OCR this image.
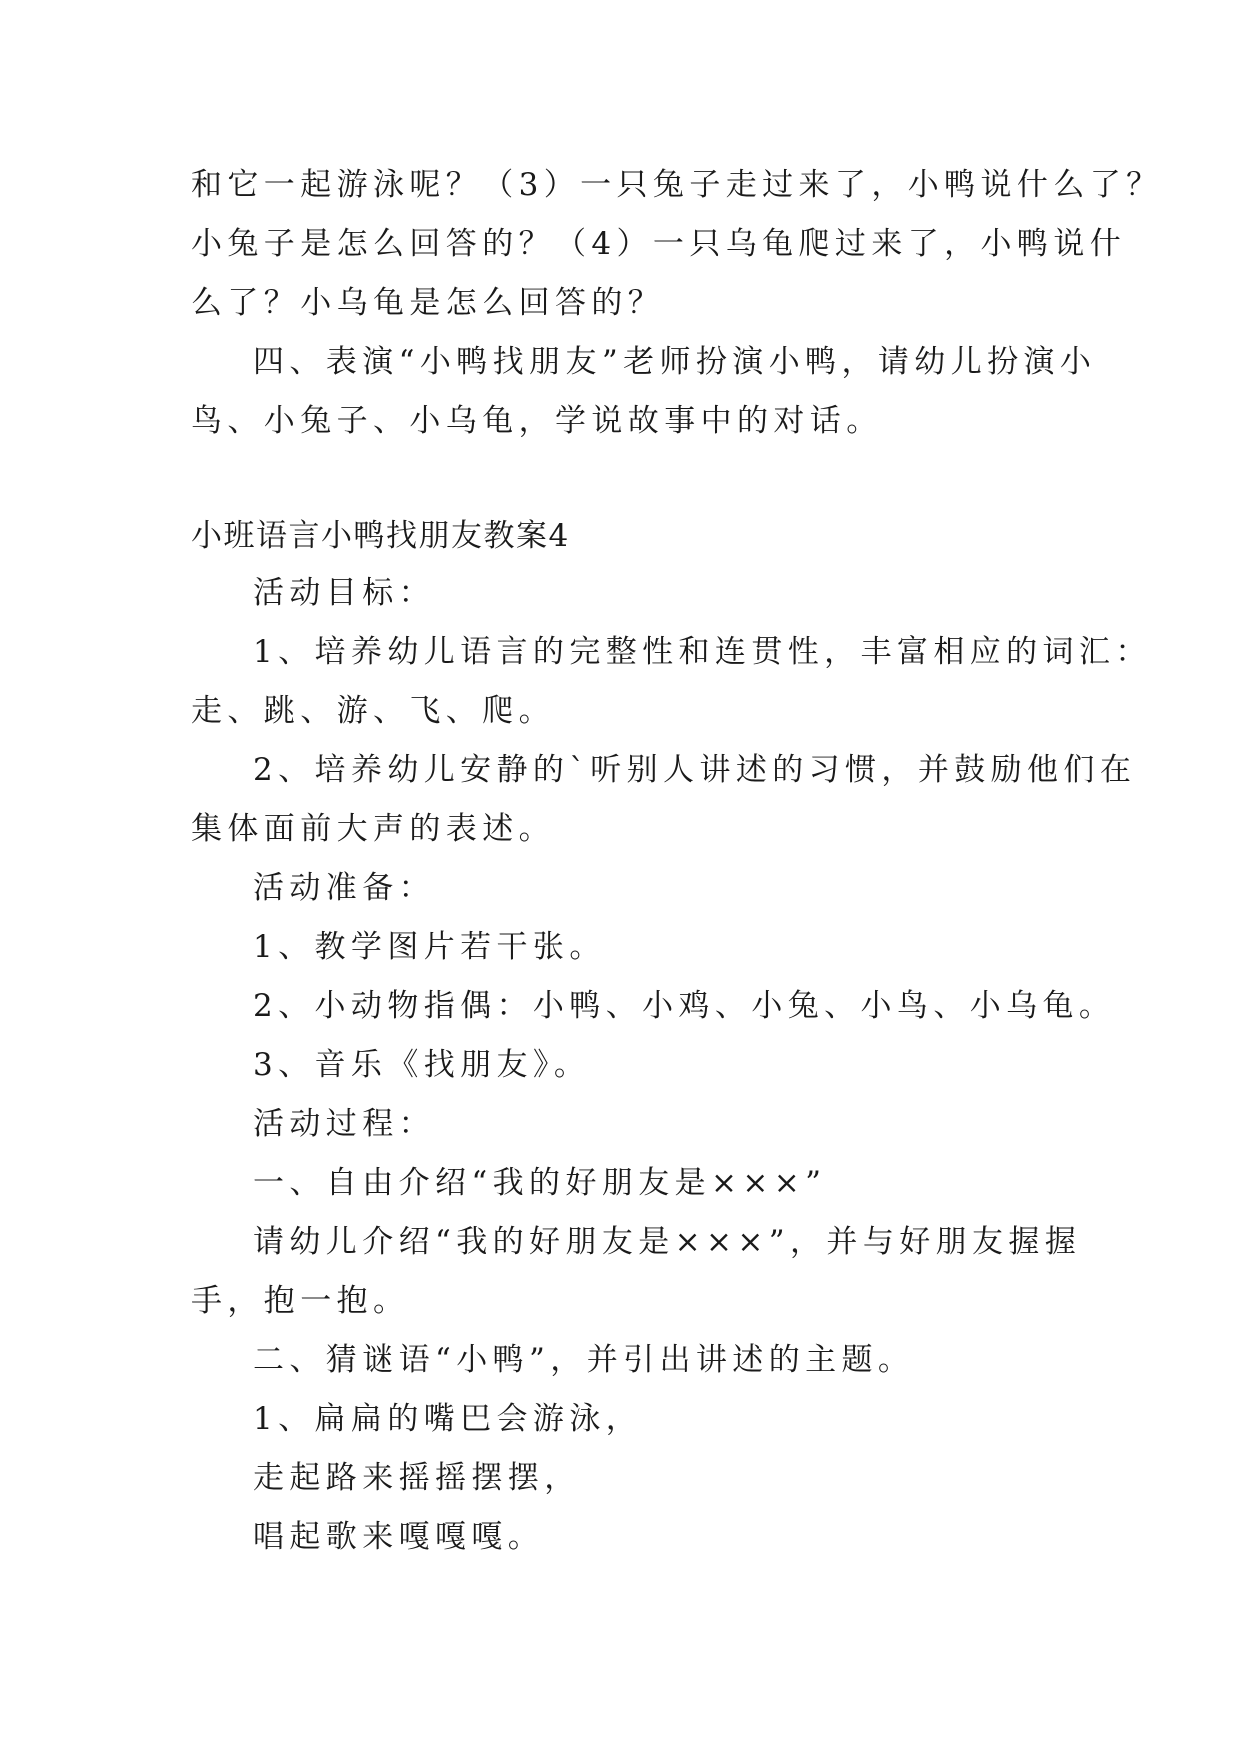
和它一起游泳呢？（3）一只兔子走过来了，小鸭说什么了？
小兔子是怎么回答的？（4）一只乌龟爬过来了，小鸭说什
么了？小乌龟是怎么回答的？
四、表演“小鸭找朋友”老师扮演小鸭，请幼儿扮演小
鸟、小兔子、小乌龟，学说故事中的对话。
小班语言小鸭找朋友教案4
活动目标：
1、培养幼儿语言的完整性和连贯性，丰富相应的词汇：
走、跳、游、飞、爬。
2、培养幼儿安静的`听别人讲述的习惯，并鼓励他们在
集体面前大声的表述。
活动准备：
1、教学图片若干张。
2、小动物指偶：小鸭、小鸡、小兔、小鸟、小乌龟。
3、音乐《找朋友》。
活动过程：
一、自由介绍“我的好朋友是×××”
请幼儿介绍“我的好朋友是×××”，并与好朋友握握
手，抱一抱。
二、猜谜语“小鸭”，并引出讲述的主题。
1、扁扁的嘴巴会游泳，
走起路来摇摇摆摆，
唱起歌来嘎嘎嘎。
